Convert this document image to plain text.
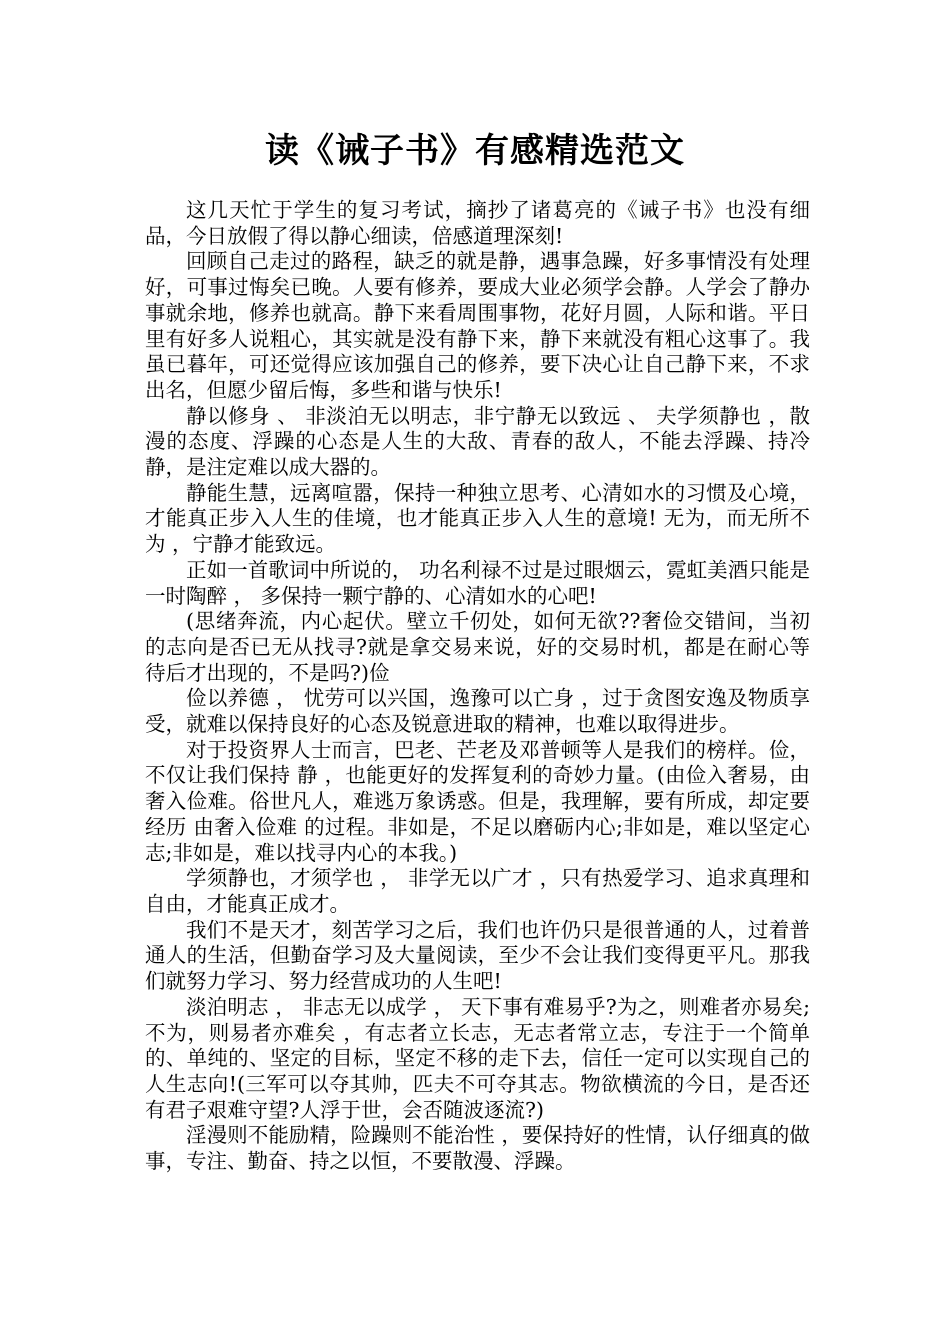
读《诫子书》有感精选范文

这几天忙于学生的复习考试，摘抄了诸葛亮的《诫子书》也没有细品，今日放假了得以静心细读，倍感道理深刻!

回顾自己走过的路程，缺乏的就是静，遇事急躁，好多事情没有处理好，可事过悔矣已晚。人要有修养，要成大业必须学会静。人学会了静办事就余地，修养也就高。静下来看周围事物，花好月圆，人际和谐。平日里有好多人说粗心，其实就是没有静下来，静下来就没有粗心这事了。我虽已暮年，可还觉得应该加强自己的修养，要下决心让自己静下来，不求出名，但愿少留后悔，多些和谐与快乐!

静以修身 、 非淡泊无以明志，非宁静无以致远 、 夫学须静也 ，散漫的态度、浮躁的心态是人生的大敌、青春的敌人，不能去浮躁、持冷静，是注定难以成大器的。

静能生慧，远离喧嚣，保持一种独立思考、心清如水的习惯及心境，才能真正步入人生的佳境，也才能真正步入人生的意境! 无为，而无所不为 ，宁静才能致远。

正如一首歌词中所说的， 功名利禄不过是过眼烟云，霓虹美酒只能是一时陶醉 ， 多保持一颗宁静的、心清如水的心吧!

(思绪奔流，内心起伏。壁立千仞处，如何无欲??奢俭交错间，当初的志向是否已无从找寻?就是拿交易来说，好的交易时机，都是在耐心等待后才出现的，不是吗?)俭

俭以养德 ， 忧劳可以兴国，逸豫可以亡身 ，过于贪图安逸及物质享受，就难以保持良好的心态及锐意进取的精神，也难以取得进步。

对于投资界人士而言，巴老、芒老及邓普顿等人是我们的榜样。俭，不仅让我们保持 静 ，也能更好的发挥复利的奇妙力量。(由俭入奢易，由奢入俭难。俗世凡人，难逃万象诱惑。但是，我理解，要有所成，却定要经历 由奢入俭难 的过程。非如是，不足以磨砺内心;非如是，难以坚定心志;非如是，难以找寻内心的本我。)

学须静也，才须学也 ， 非学无以广才 ，只有热爱学习、追求真理和自由，才能真正成才。

我们不是天才，刻苦学习之后，我们也许仍只是很普通的人，过着普通人的生活，但勤奋学习及大量阅读，至少不会让我们变得更平凡。那我们就努力学习、努力经营成功的人生吧!

淡泊明志 ， 非志无以成学 ， 天下事有难易乎?为之，则难者亦易矣;不为，则易者亦难矣 ，有志者立长志，无志者常立志，专注于一个简单的、单纯的、坚定的目标，坚定不移的走下去，信任一定可以实现自己的人生志向!(三军可以夺其帅，匹夫不可夺其志。物欲横流的今日，是否还有君子艰难守望?人浮于世，会否随波逐流?)

淫漫则不能励精，险躁则不能治性 ，要保持好的性情，认仔细真的做事，专注、勤奋、持之以恒，不要散漫、浮躁。
